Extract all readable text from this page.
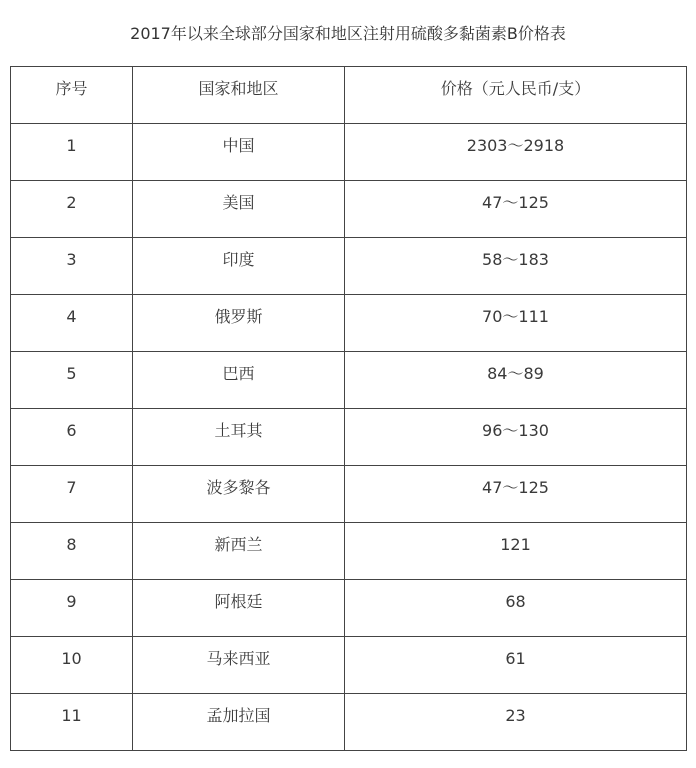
2017年以来全球部分国家和地区注射用硫酸多黏菌素B价格表
序号	国家和地区	价格（元人民币/支）
1	中国	2303～2918
2	美国	47～125
3	印度	58～183
4	俄罗斯	70～111
5	巴西	84～89
6	土耳其	96～130
7	波多黎各	47～125
8	新西兰	121
9	阿根廷	68
10	马来西亚	61
11	孟加拉国	23
